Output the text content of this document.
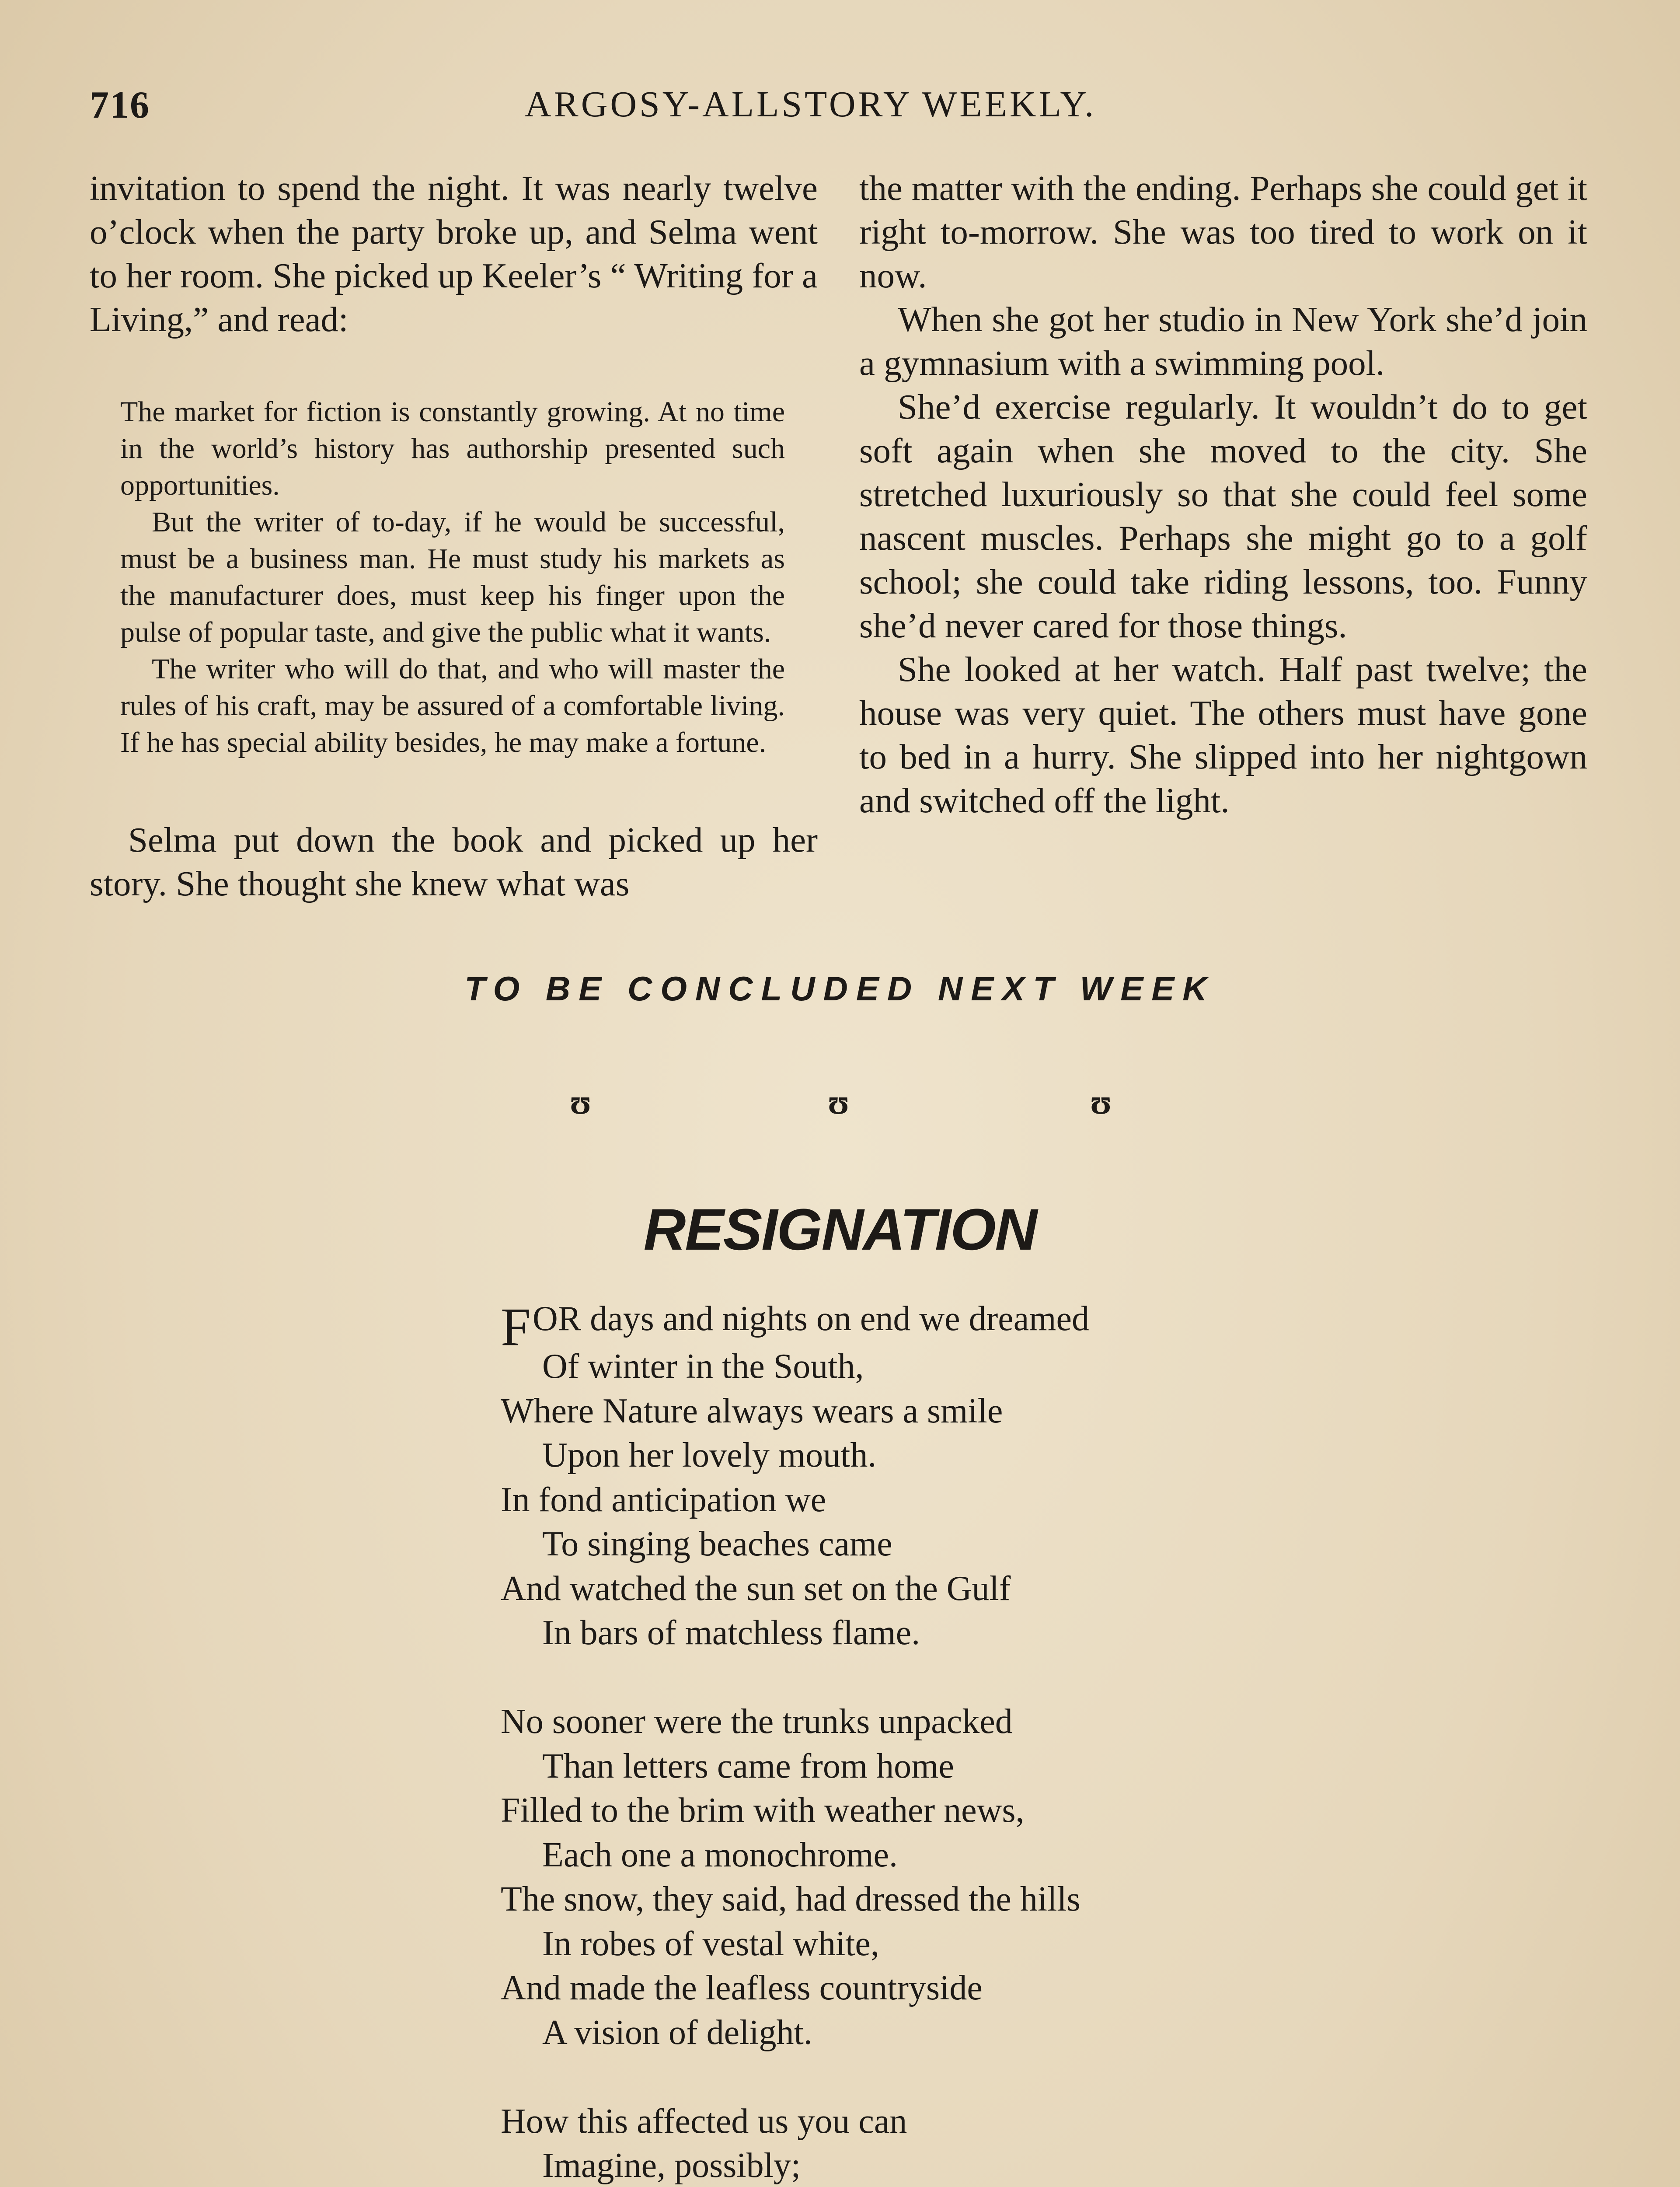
716	ARGOSY-ALLSTORY WEEKLY.

invitation to spend the night. It was nearly twelve o’clock when the party broke up, and Selma went to her room. She picked up Keeler’s “ Writing for a Living,” and read:

The market for fiction is constantly growing. At no time in the world’s history has authorship presented such opportunities.

But the writer of to-day, if he would be successful, must be a business man. He must study his markets as the manufacturer does, must keep his finger upon the pulse of popular taste, and give the public what it wants.

The writer who will do that, and who will master the rules of his craft, may be assured of a comfortable living. If he has special ability besides, he may make a fortune.

Selma put down the book and picked up her story. She thought she knew what was

the matter with the ending. Perhaps she could get it right to-morrow. She was too tired to work on it now.

When she got her studio in New York she’d join a gymnasium with a swimming pool.

She’d exercise regularly. It wouldn’t do to get soft again when she moved to the city. She stretched luxuriously so that she could feel some nascent muscles. Perhaps she might go to a golf school; she could take riding lessons, too. Funny she’d never cared for those things.

She looked at her watch. Half past twelve; the house was very quiet. The others must have gone to bed in a hurry. She slipped into her nightgown and switched off the light.

TO BE CONCLUDED NEXT WEEK
ʊ	ʊ	ʊ
RESIGNATION
FOR days and nights on end we dreamed
Of winter in the South,
Where Nature always wears a smile
Upon her lovely mouth.
In fond anticipation we
To singing beaches came
And watched the sun set on the Gulf
In bars of matchless flame.
No sooner were the trunks unpacked
Than letters came from home
Filled to the brim with weather news,
Each one a monochrome.
The snow, they said, had dressed the hills
In robes of vestal white,
And made the leafless countryside
A vision of delight.
How this affected us you can
Imagine, possibly;
